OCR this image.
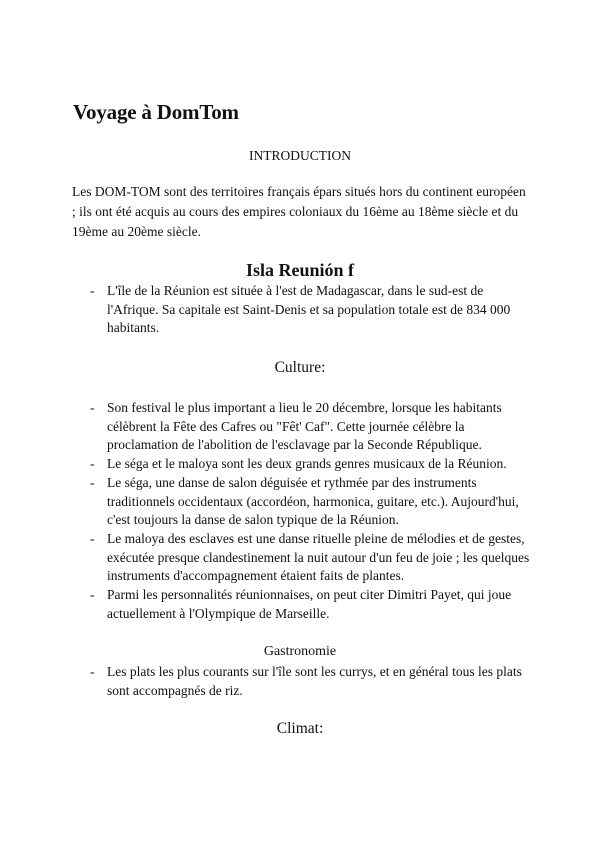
Voyage à DomTom

INTRODUCTION

Les DOM-TOM sont des territoires français épars situés hors du continent européen ; ils ont été acquis au cours des empires coloniaux du 16ème au 18ème siècle et du 19ème au 20ème siècle.

Isla Reunión f
- L'île de la Réunion est située à l'est de Madagascar, dans le sud-est de l'Afrique. Sa capitale est Saint-Denis et sa population totale est de 834 000 habitants.
Culture:
- Son festival le plus important a lieu le 20 décembre, lorsque les habitants célèbrent la Fête des Cafres ou "Fêt' Caf". Cette journée célèbre la proclamation de l'abolition de l'esclavage par la Seconde République.
- Le séga et le maloya sont les deux grands genres musicaux de la Réunion.
- Le séga, une danse de salon déguisée et rythmée par des instruments traditionnels occidentaux (accordéon, harmonica, guitare, etc.). Aujourd'hui, c'est toujours la danse de salon typique de la Réunion.
- Le maloya des esclaves est une danse rituelle pleine de mélodies et de gestes, exécutée presque clandestinement la nuit autour d'un feu de joie ; les quelques instruments d'accompagnement étaient faits de plantes.
- Parmi les personnalités réunionnaises, on peut citer Dimitri Payet, qui joue actuellement à l'Olympique de Marseille.
Gastronomie
- Les plats les plus courants sur l'île sont les currys, et en général tous les plats sont accompagnés de riz.
Climat:
